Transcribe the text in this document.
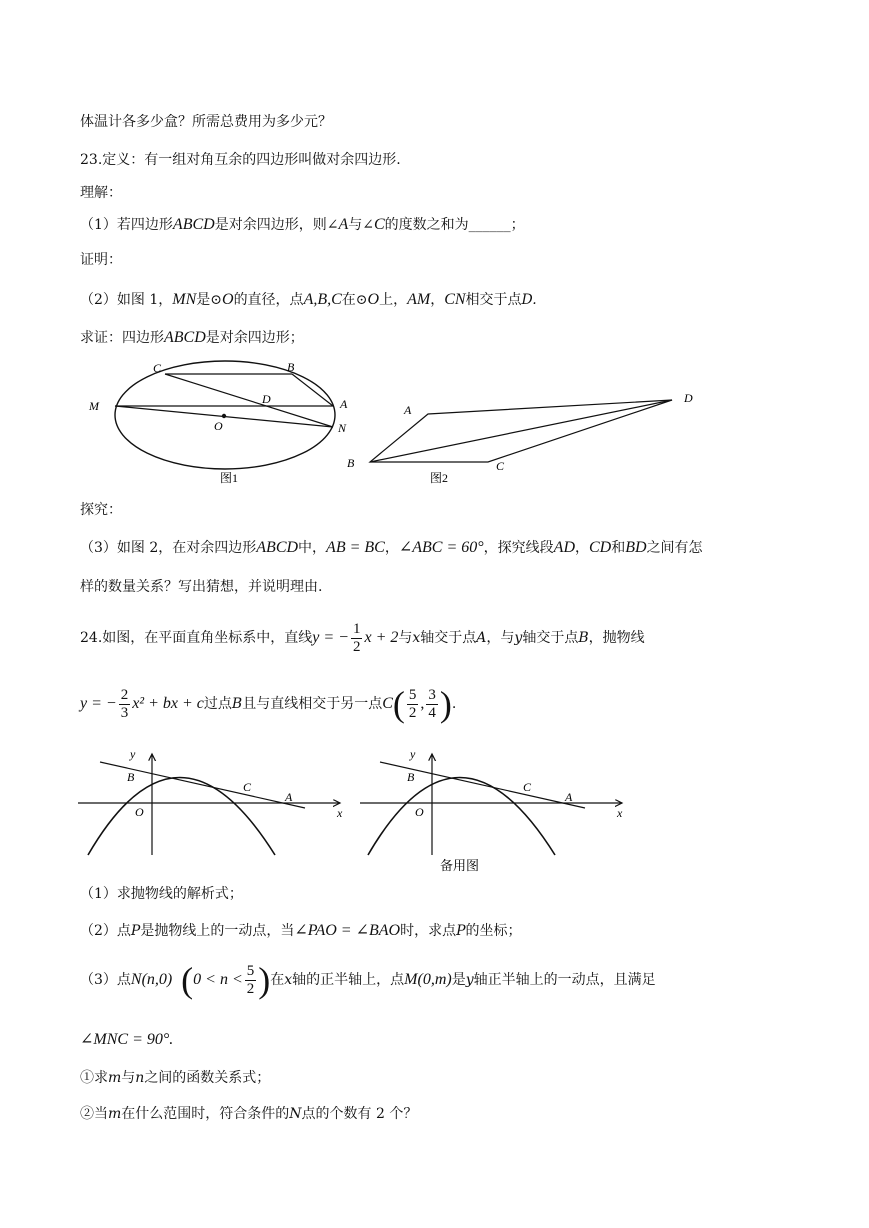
体温计各多少盒？所需总费用为多少元？
23.定义：有一组对角互余的四边形叫做对余四边形.
理解：
（1）若四边形ABCD是对余四边形，则∠A与∠C的度数之和为______；
证明：
（2）如图 1，MN是⊙O的直径，点A,B,C在⊙O上，AM，CN相交于点D.
求证：四边形ABCD是对余四边形；
C	B
M	D	A
O	N
图1
A
D
B	C
图2
探究：
（3）如图 2，在对余四边形ABCD中，AB = BC，∠ABC = 60°，探究线段AD，CD和BD之间有怎
样的数量关系？写出猜想，并说明理由.
24.如图，在平面直角坐标系中，直线y = − $\frac{1}{2}$ x + 2与x轴交于点A，与y轴交于点B，抛物线
y = − $\frac{2}{3} x^2$ + bx + c过点B且与直线相交于另一点$C( \frac{5}{2}$ , $\frac{3}{4}$ ).
y
B
C
A
O	x
y
B
C
A
O	x
备用图
（1）求抛物线的解析式；
（2）点P是抛物线上的一动点，当∠PAO = ∠BAO时，求点P的坐标；
（3）点N(n,0) ($0 < n < \frac{5}{2}$ )在x轴的正半轴上，点M(0,m)是y轴正半轴上的一动点，且满足
∠MNC = 90°.
①求m与n之间的函数关系式；
②当m在什么范围时，符合条件的N点的个数有 2 个？
